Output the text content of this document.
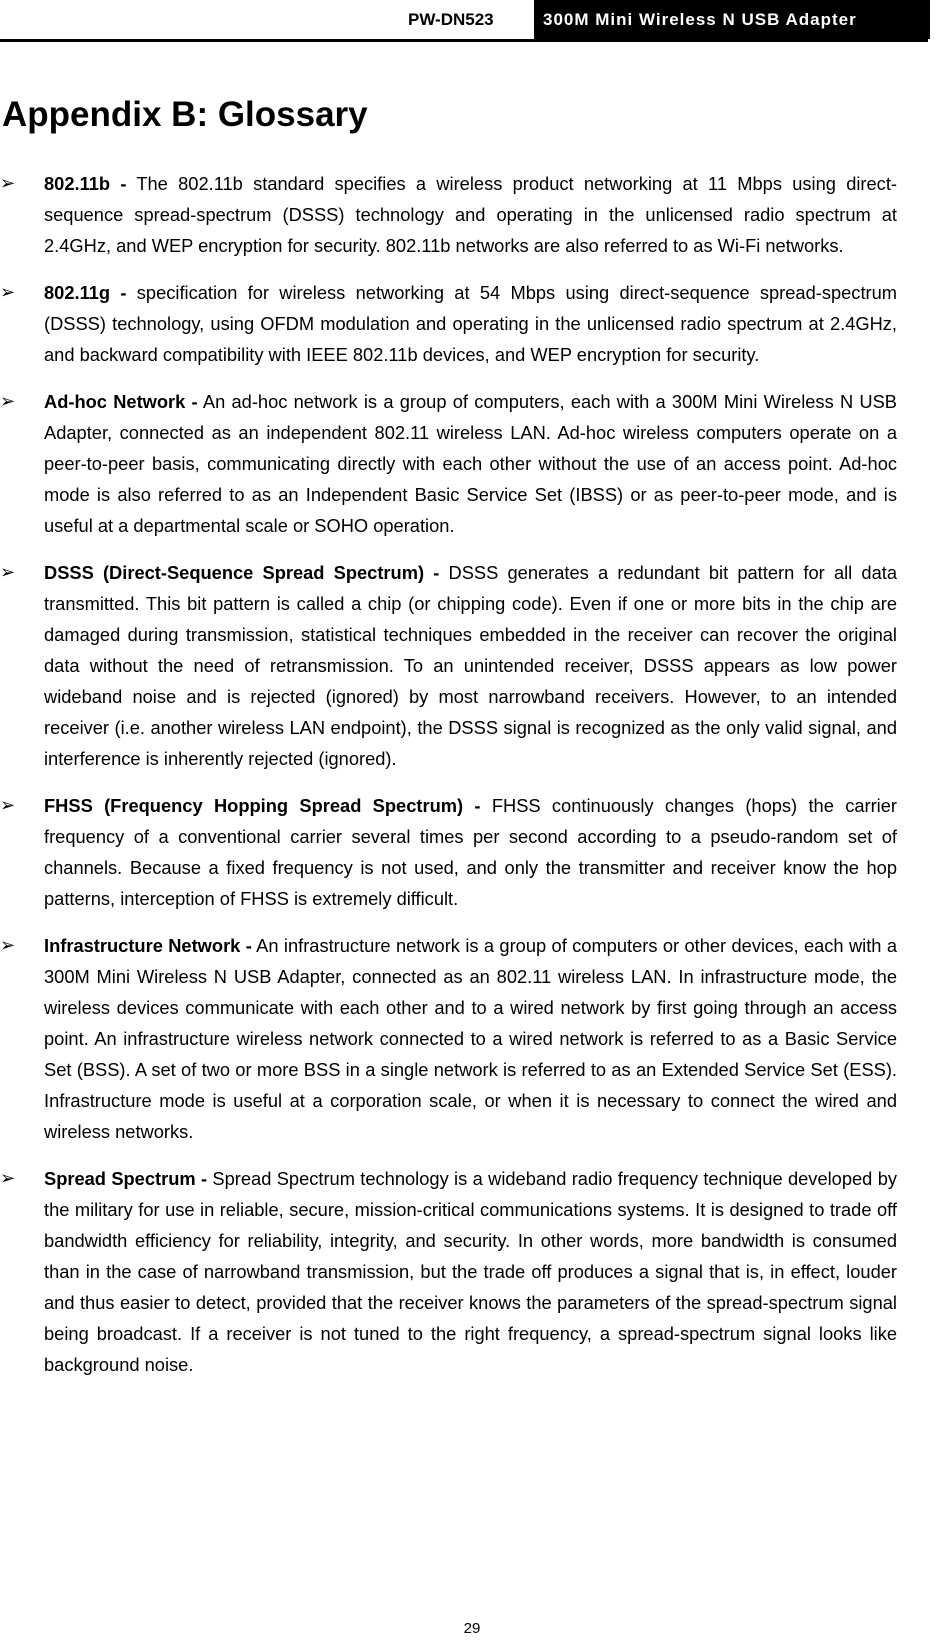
PW-DN523	300M Mini Wireless N USB Adapter
Appendix B: Glossary
➢ 802.11b - The 802.11b standard specifies a wireless product networking at 11 Mbps using direct-sequence spread-spectrum (DSSS) technology and operating in the unlicensed radio spectrum at 2.4GHz, and WEP encryption for security. 802.11b networks are also referred to as Wi-Fi networks.
➢ 802.11g - specification for wireless networking at 54 Mbps using direct-sequence spread-spectrum (DSSS) technology, using OFDM modulation and operating in the unlicensed radio spectrum at 2.4GHz, and backward compatibility with IEEE 802.11b devices, and WEP encryption for security.
➢ Ad-hoc Network - An ad-hoc network is a group of computers, each with a 300M Mini Wireless N USB Adapter, connected as an independent 802.11 wireless LAN. Ad-hoc wireless computers operate on a peer-to-peer basis, communicating directly with each other without the use of an access point. Ad-hoc mode is also referred to as an Independent Basic Service Set (IBSS) or as peer-to-peer mode, and is useful at a departmental scale or SOHO operation.
➢ DSSS (Direct-Sequence Spread Spectrum) - DSSS generates a redundant bit pattern for all data transmitted. This bit pattern is called a chip (or chipping code). Even if one or more bits in the chip are damaged during transmission, statistical techniques embedded in the receiver can recover the original data without the need of retransmission. To an unintended receiver, DSSS appears as low power wideband noise and is rejected (ignored) by most narrowband receivers. However, to an intended receiver (i.e. another wireless LAN endpoint), the DSSS signal is recognized as the only valid signal, and interference is inherently rejected (ignored).
➢ FHSS (Frequency Hopping Spread Spectrum) - FHSS continuously changes (hops) the carrier frequency of a conventional carrier several times per second according to a pseudo-random set of channels. Because a fixed frequency is not used, and only the transmitter and receiver know the hop patterns, interception of FHSS is extremely difficult.
➢ Infrastructure Network - An infrastructure network is a group of computers or other devices, each with a 300M Mini Wireless N USB Adapter, connected as an 802.11 wireless LAN. In infrastructure mode, the wireless devices communicate with each other and to a wired network by first going through an access point. An infrastructure wireless network connected to a wired network is referred to as a Basic Service Set (BSS). A set of two or more BSS in a single network is referred to as an Extended Service Set (ESS). Infrastructure mode is useful at a corporation scale, or when it is necessary to connect the wired and wireless networks.
➢ Spread Spectrum - Spread Spectrum technology is a wideband radio frequency technique developed by the military for use in reliable, secure, mission-critical communications systems. It is designed to trade off bandwidth efficiency for reliability, integrity, and security. In other words, more bandwidth is consumed than in the case of narrowband transmission, but the trade off produces a signal that is, in effect, louder and thus easier to detect, provided that the receiver knows the parameters of the spread-spectrum signal being broadcast. If a receiver is not tuned to the right frequency, a spread-spectrum signal looks like background noise.
29
